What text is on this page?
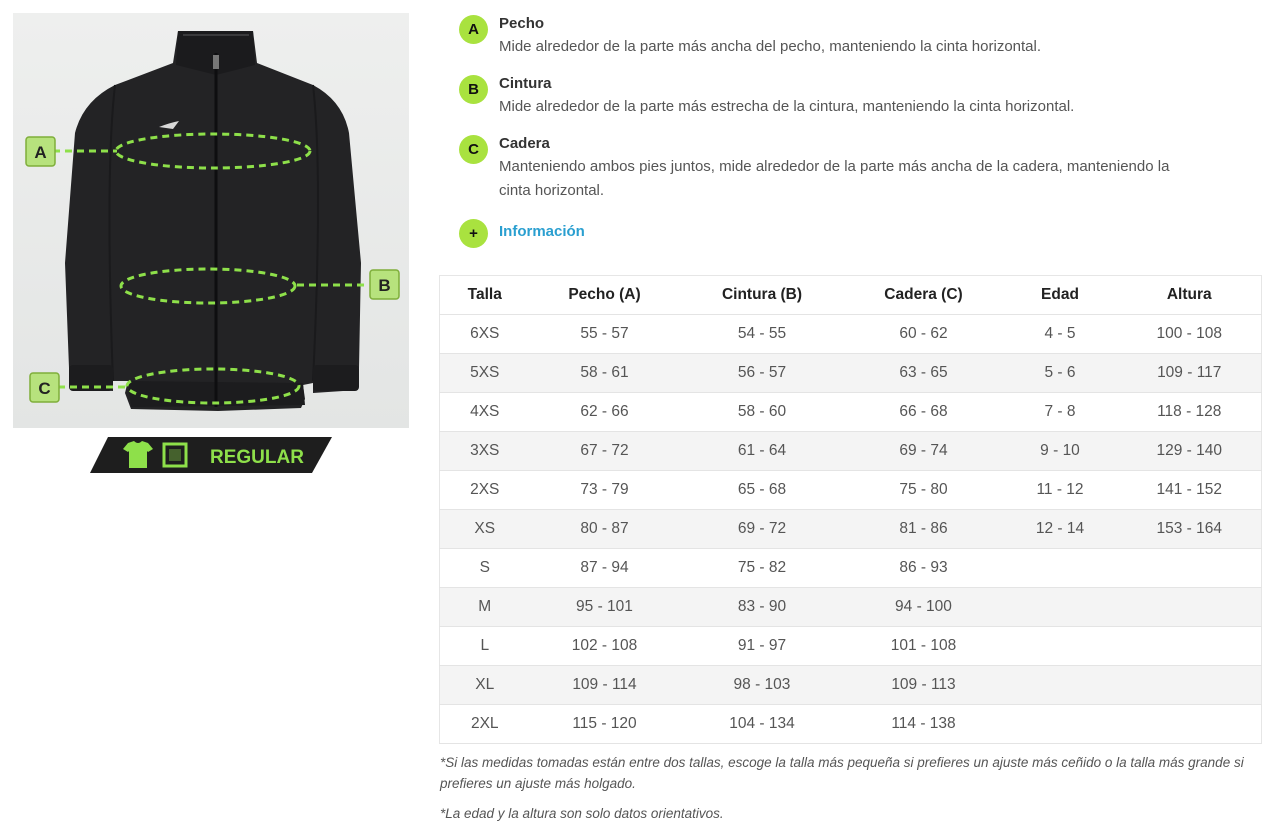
A
B
C
REGULAR
A	Pecho
Mide alrededor de la parte más ancha del pecho, manteniendo la cinta horizontal.
B	Cintura
Mide alrededor de la parte más estrecha de la cintura, manteniendo la cinta horizontal.
C	Cadera
Manteniendo ambos pies juntos, mide alrededor de la parte más ancha de la cadera, manteniendo la cinta horizontal.
+	Información
Talla	Pecho (A)	Cintura (B)	Cadera (C)	Edad	Altura
6XS	55 - 57	54 - 55	60 - 62	4 - 5	100 - 108
5XS	58 - 61	56 - 57	63 - 65	5 - 6	109 - 117
4XS	62 - 66	58 - 60	66 - 68	7 - 8	118 - 128
3XS	67 - 72	61 - 64	69 - 74	9 - 10	129 - 140
2XS	73 - 79	65 - 68	75 - 80	11 - 12	141 - 152
XS	80 - 87	69 - 72	81 - 86	12 - 14	153 - 164
S	87 - 94	75 - 82	86 - 93		
M	95 - 101	83 - 90	94 - 100		
L	102 - 108	91 - 97	101 - 108		
XL	109 - 114	98 - 103	109 - 113		
2XL	115 - 120	104 - 134	114 - 138		

*Si las medidas tomadas están entre dos tallas, escoge la talla más pequeña si prefieres un ajuste más ceñido o la talla más grande si prefieres un ajuste más holgado.

*La edad y la altura son solo datos orientativos.
